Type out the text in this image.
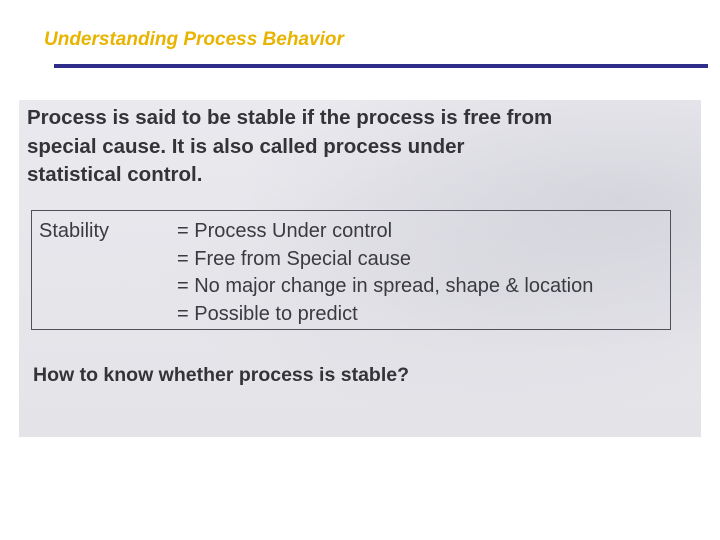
Understanding Process Behavior
Process is said to be stable if the process is free from
special cause. It is also called process under
statistical control.
Stability	= Process Under control
= Free from Special cause
= No major change in spread, shape & location
= Possible to predict
How to know whether process is stable?
